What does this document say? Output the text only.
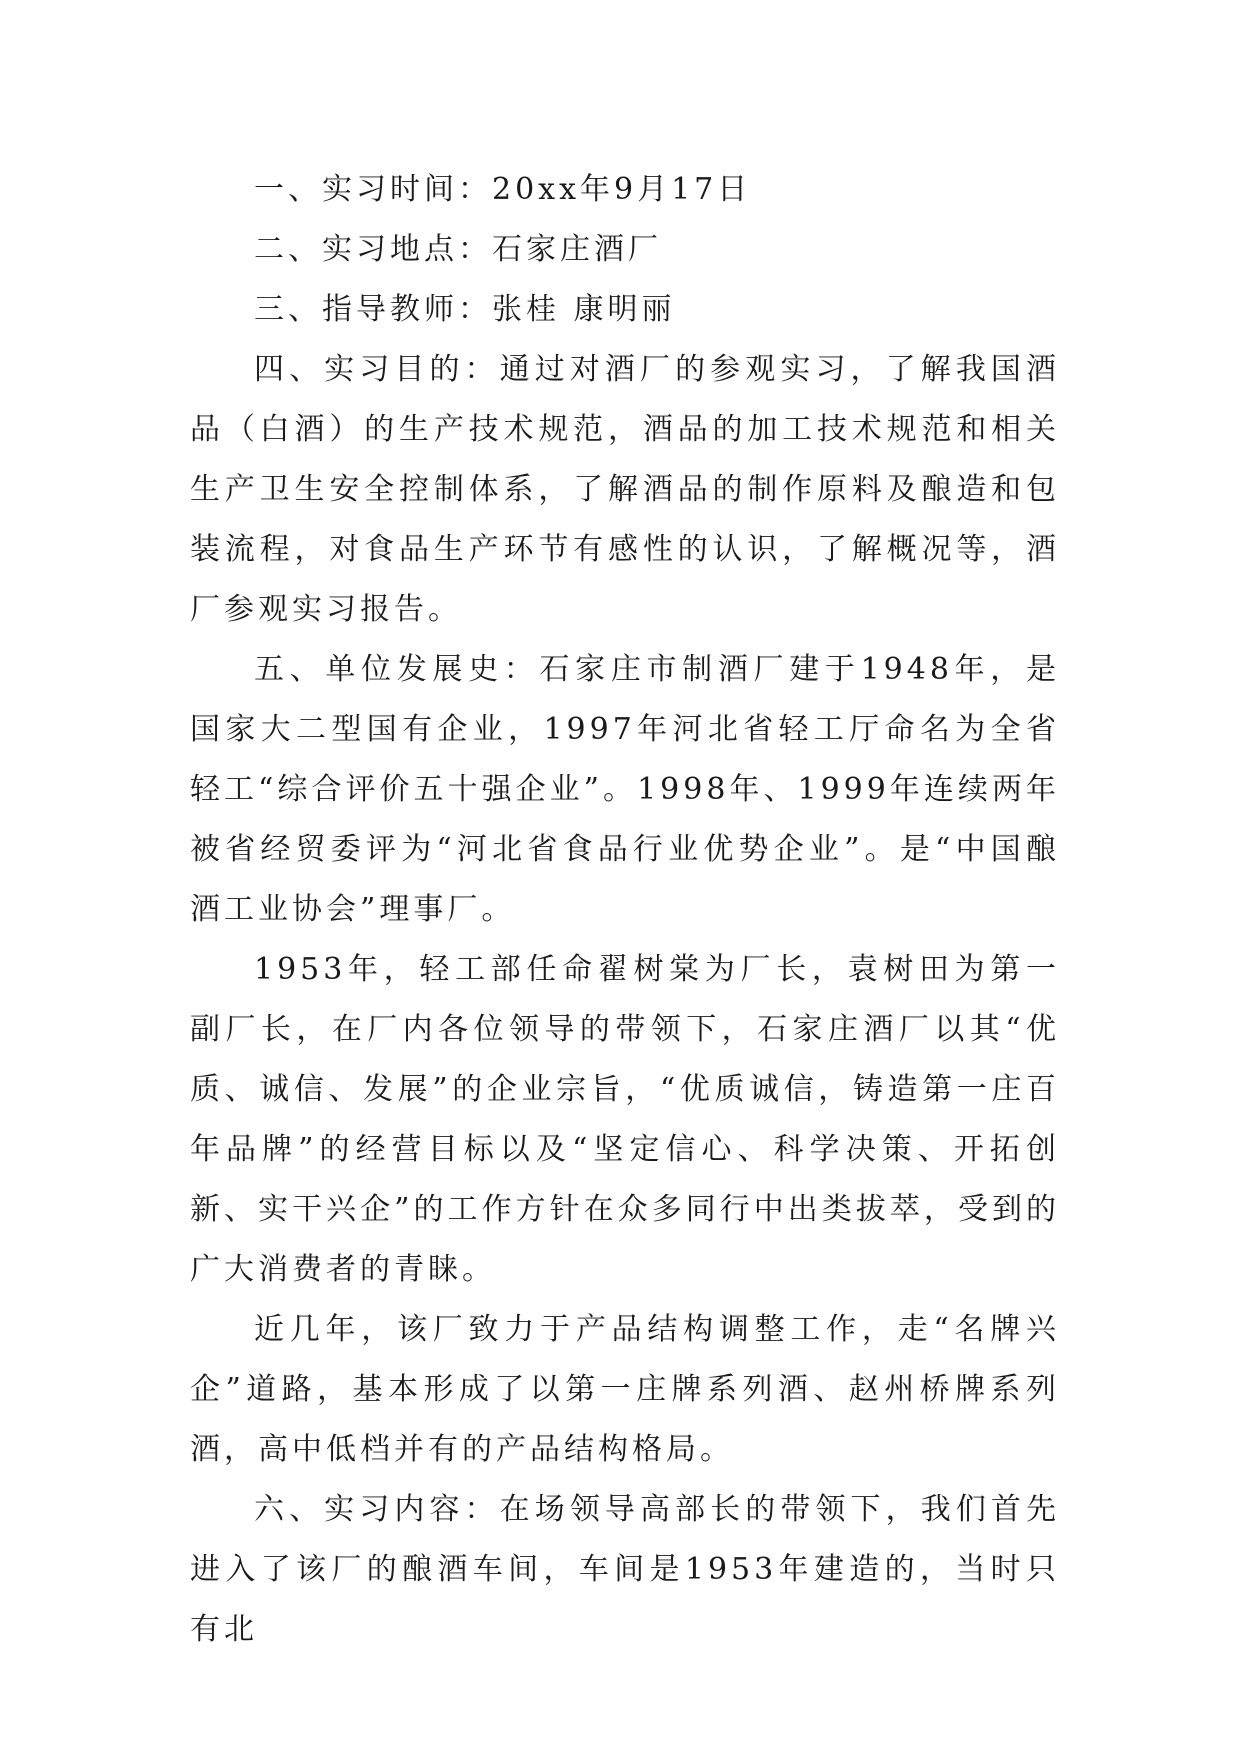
一、实习时间：20xx年9月17日

二、实习地点：石家庄酒厂

三、指导教师：张桂 康明丽

四、实习目的：通过对酒厂的参观实习，了解我国酒品（白酒）的生产技术规范，酒品的加工技术规范和相关生产卫生安全控制体系，了解酒品的制作原料及酿造和包装流程，对食品生产环节有感性的认识，了解概况等，酒厂参观实习报告。

五、单位发展史：石家庄市制酒厂建于1948年，是国家大二型国有企业，1997年河北省轻工厅命名为全省轻工“综合评价五十强企业”。1998年、1999年连续两年被省经贸委评为“河北省食品行业优势企业”。是“中国酿酒工业协会”理事厂。

1953年，轻工部任命翟树棠为厂长，袁树田为第一副厂长，在厂内各位领导的带领下，石家庄酒厂以其“优质、诚信、发展”的企业宗旨，“优质诚信，铸造第一庄百年品牌”的经营目标以及“坚定信心、科学决策、开拓创新、实干兴企”的工作方针在众多同行中出类拔萃，受到的广大消费者的青睐。

近几年，该厂致力于产品结构调整工作，走“名牌兴企”道路，基本形成了以第一庄牌系列酒、赵州桥牌系列酒，高中低档并有的产品结构格局。

六、实习内容：在场领导高部长的带领下，我们首先进入了该厂的酿酒车间，车间是1953年建造的，当时只有北
